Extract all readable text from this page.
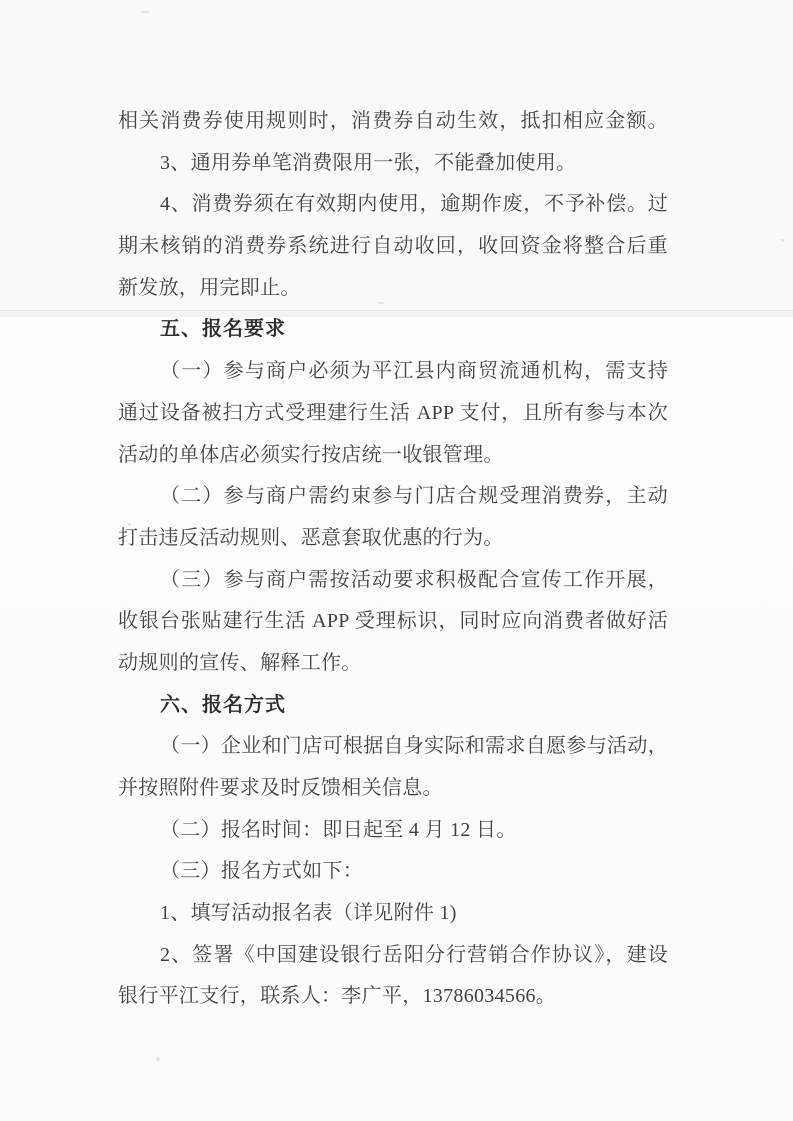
相关消费券使用规则时，消费券自动生效，抵扣相应金额。
3、通用券单笔消费限用一张，不能叠加使用。
4、消费券须在有效期内使用，逾期作废，不予补偿。过
期未核销的消费券系统进行自动收回，收回资金将整合后重
新发放，用完即止。
五、报名要求
（一）参与商户必须为平江县内商贸流通机构，需支持
通过设备被扫方式受理建行生活 APP 支付，且所有参与本次
活动的单体店必须实行按店统一收银管理。
（二）参与商户需约束参与门店合规受理消费券，主动
打击违反活动规则、恶意套取优惠的行为。
（三）参与商户需按活动要求积极配合宣传工作开展，
收银台张贴建行生活 APP 受理标识，同时应向消费者做好活
动规则的宣传、解释工作。
六、报名方式
（一）企业和门店可根据自身实际和需求自愿参与活动，
并按照附件要求及时反馈相关信息。
（二）报名时间：即日起至 4 月 12 日。
（三）报名方式如下：
1、填写活动报名表（详见附件 1)
2、签署《中国建设银行岳阳分行营销合作协议》，建设
银行平江支行，联系人：李广平，13786034566。
